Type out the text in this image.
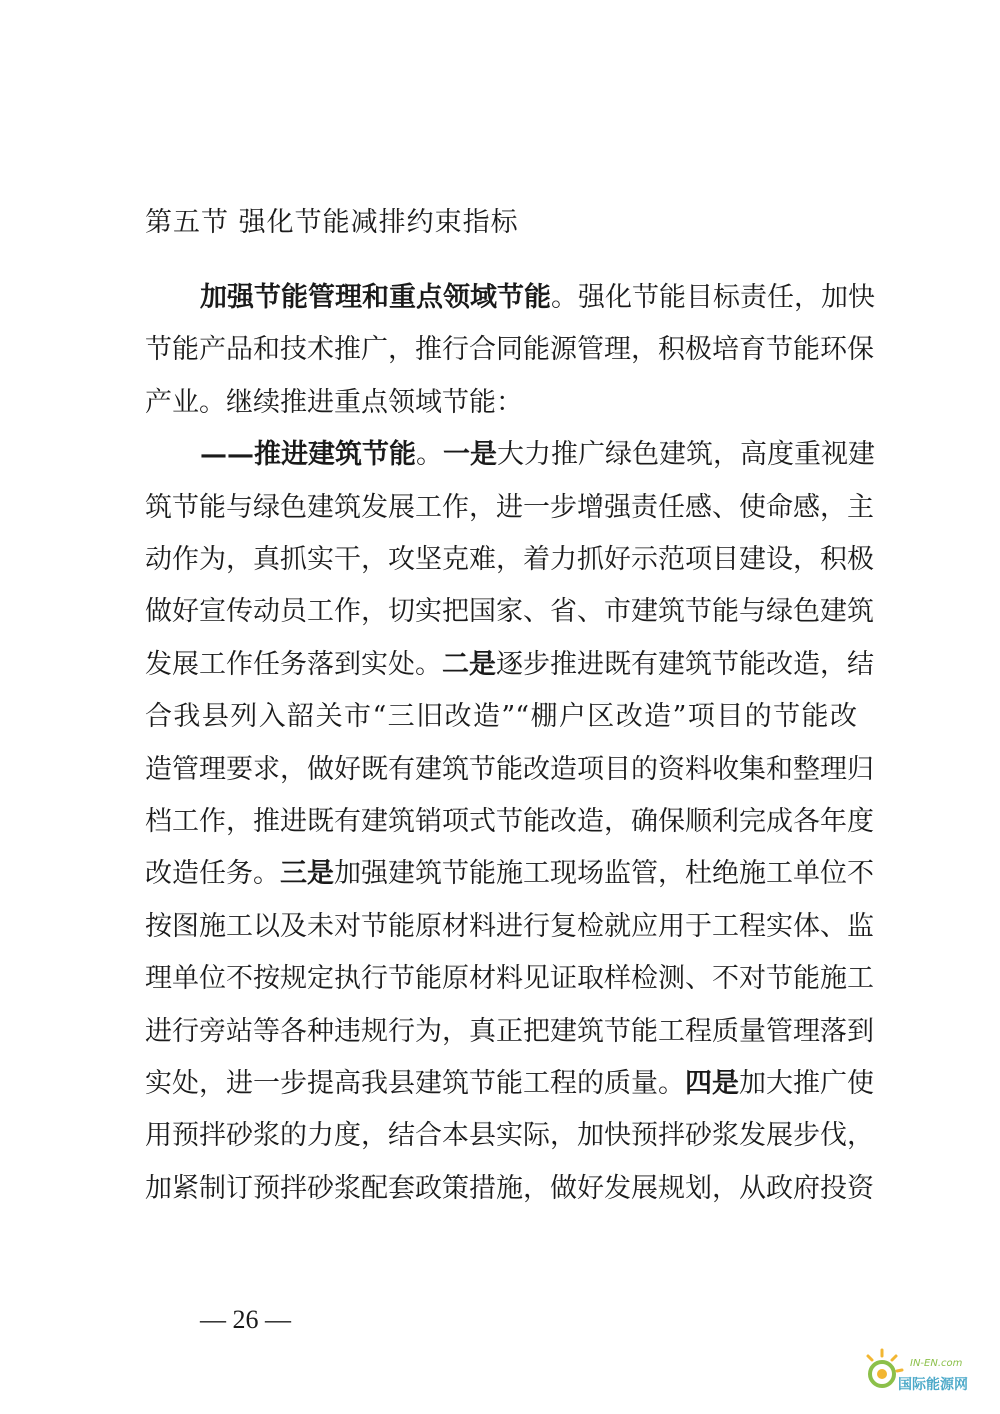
第五节 强化节能减排约束指标
加强节能管理和重点领域节能。强化节能目标责任，加快
节能产品和技术推广，推行合同能源管理，积极培育节能环保
产业。继续推进重点领域节能：
——推进建筑节能。一是大力推广绿色建筑，高度重视建
筑节能与绿色建筑发展工作，进一步增强责任感、使命感，主
动作为，真抓实干，攻坚克难，着力抓好示范项目建设，积极
做好宣传动员工作，切实把国家、省、市建筑节能与绿色建筑
发展工作任务落到实处。二是逐步推进既有建筑节能改造，结
合我县列入韶关市“三旧改造”“棚户区改造”项目的节能改
造管理要求，做好既有建筑节能改造项目的资料收集和整理归
档工作，推进既有建筑销项式节能改造，确保顺利完成各年度
改造任务。三是加强建筑节能施工现场监管，杜绝施工单位不
按图施工以及未对节能原材料进行复检就应用于工程实体、监
理单位不按规定执行节能原材料见证取样检测、不对节能施工
进行旁站等各种违规行为，真正把建筑节能工程质量管理落到
实处，进一步提高我县建筑节能工程的质量。四是加大推广使
用预拌砂浆的力度，结合本县实际，加快预拌砂浆发展步伐，
加紧制订预拌砂浆配套政策措施，做好发展规划，从政府投资
— 26 —
IN-EN.com
国际能源网
